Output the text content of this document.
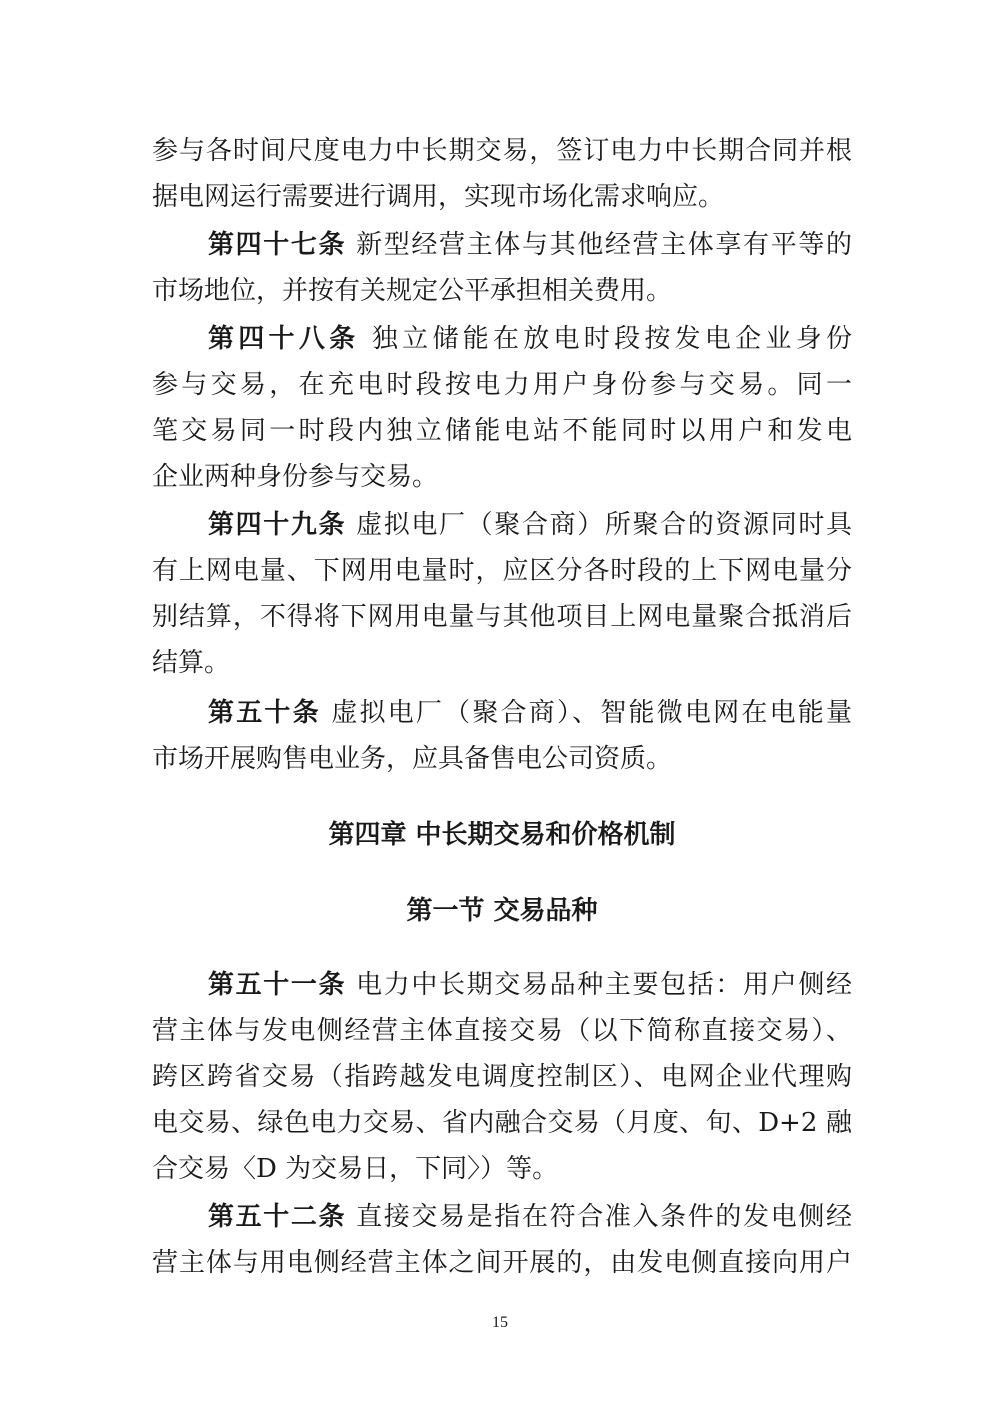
参与各时间尺度电力中长期交易，签订电力中长期合同并根
据电网运行需要进行调用，实现市场化需求响应。
第四十七条 新型经营主体与其他经营主体享有平等的
市场地位，并按有关规定公平承担相关费用。
第四十八条 独立储能在放电时段按发电企业身份
参与交易，在充电时段按电力用户身份参与交易。同一
笔交易同一时段内独立储能电站不能同时以用户和发电
企业两种身份参与交易。
第四十九条 虚拟电厂（聚合商）所聚合的资源同时具
有上网电量、下网用电量时，应区分各时段的上下网电量分
别结算，不得将下网用电量与其他项目上网电量聚合抵消后
结算。
第五十条 虚拟电厂（聚合商）、智能微电网在电能量
市场开展购售电业务，应具备售电公司资质。
第四章 中长期交易和价格机制
第一节 交易品种
第五十一条 电力中长期交易品种主要包括：用户侧经
营主体与发电侧经营主体直接交易（以下简称直接交易）、
跨区跨省交易（指跨越发电调度控制区）、电网企业代理购
电交易、绿色电力交易、省内融合交易（月度、旬、D+2 融
合交易〈D 为交易日，下同〉）等。
第五十二条 直接交易是指在符合准入条件的发电侧经
营主体与用电侧经营主体之间开展的，由发电侧直接向用户
15
